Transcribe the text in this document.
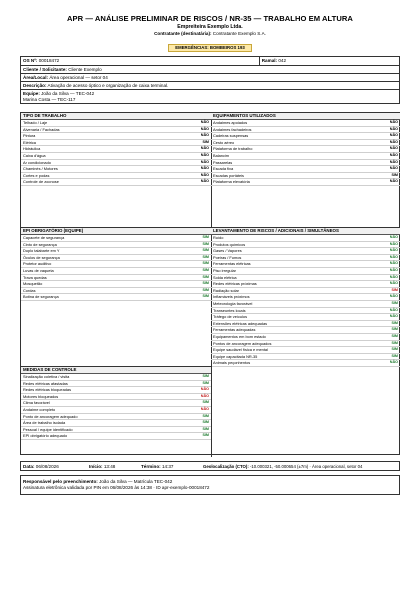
APR — ANÁLISE PRELIMINAR DE RISCOS / NR-35 — TRABALHO EM ALTURA
Empreiteira Exemplo Ltda.
Contratante (destinatária): Contratante Exemplo S.A.
EMERGÊNCIAS: BOMBEIROS 193
OS Nº: 00018472	Ramal: 042
Cliente / Solicitante: Cliente Exemplo
Área/Local: Área operacional — setor 04
Descrição: Ativação de acesso óptico e organização de caixa terminal.
Equipe: João da Silva — TEC-042
Marina Costa — TEC-117
TIPO DE TRABALHO
Telhado / Laje	NÃO
Alvenaria / Fachadas	NÃO
Pintura	NÃO
Elétrica	SIM
Hidráulica	NÃO
Caixa d'água	NÃO
Ar condicionado	NÃO
Chaminés / Motores	NÃO
Cortes e podas	NÃO
Controle de zoonose	NÃO
EQUIPAMENTOS UTILIZADOS
Andaimes apoiados	NÃO
Andaimes fachadeiros	NÃO
Cadeiras suspensas	NÃO
Cesto aéreo	NÃO
Plataforma de trabalho	NÃO
Balancim	NÃO
Passarelas	NÃO
Escada fixa	NÃO
Escadas portáteis	SIM
Plataforma elevatória	NÃO
EPI OBRIGATÓRIO (EQUIPE)
Capacete de segurança	SIM
Cinto de segurança	SIM
Duplo talabarte em Y	SIM
Óculos de segurança	SIM
Protetor auditivo	SIM
Luvas de vaqueta	SIM
Trava quedas	SIM
Mosquetão	SIM
Cordas	SIM
Botina de segurança	SIM
LEVANTAMENTO DE RISCOS / ADICIONAIS / SIMULTÂNEOS
Ruído	NÃO
Produtos químicos	NÃO
Gases / Vapores	NÃO
Poeiras / Fumos	NÃO
Ferramentas elétricas	NÃO
Piso irregular	NÃO
Solda elétrica	NÃO
Redes elétricas próximas	NÃO
Radiação solar	SIM
Inflamáveis próximos	NÃO
Meteorologia favorável	SIM
Transeuntes locais	NÃO
Tráfego de veículos	NÃO
Extensões elétricas adequadas	SIM
Ferramentas adequadas	SIM
Equipamentos em bom estado	SIM
Pontos de ancoragem adequados	SIM
Equipe saudável física e mental	SIM
Equipe capacitada NR-35	SIM
Animais peçonhentos	NÃO
MEDIDAS DE CONTROLE
Sinalização coletiva / visita	SIM
Redes elétricas afastadas	SIM
Redes elétricas bloqueadas	NÃO
Motores bloqueados	NÃO
Clima favorável	SIM
Andaime completo	NÃO
Ponto de ancoragem adequado	SIM
Área de trabalho isolada	SIM
Pessoal / equipe identificado	SIM
EPI obrigatório adequado	SIM
Data: 06/08/2026	Início: 13:48	Término: 14:37	Geolocalização (CTO): -10.000321, -50.000654 (±7m) · Área operacional, setor 04
Responsável pelo preenchimento: João da Silva — Matrícula TEC-042
Assinatura eletrônica validada por PIN em 06/08/2026 às 14:38 · ID apr-exemplo-00018472
